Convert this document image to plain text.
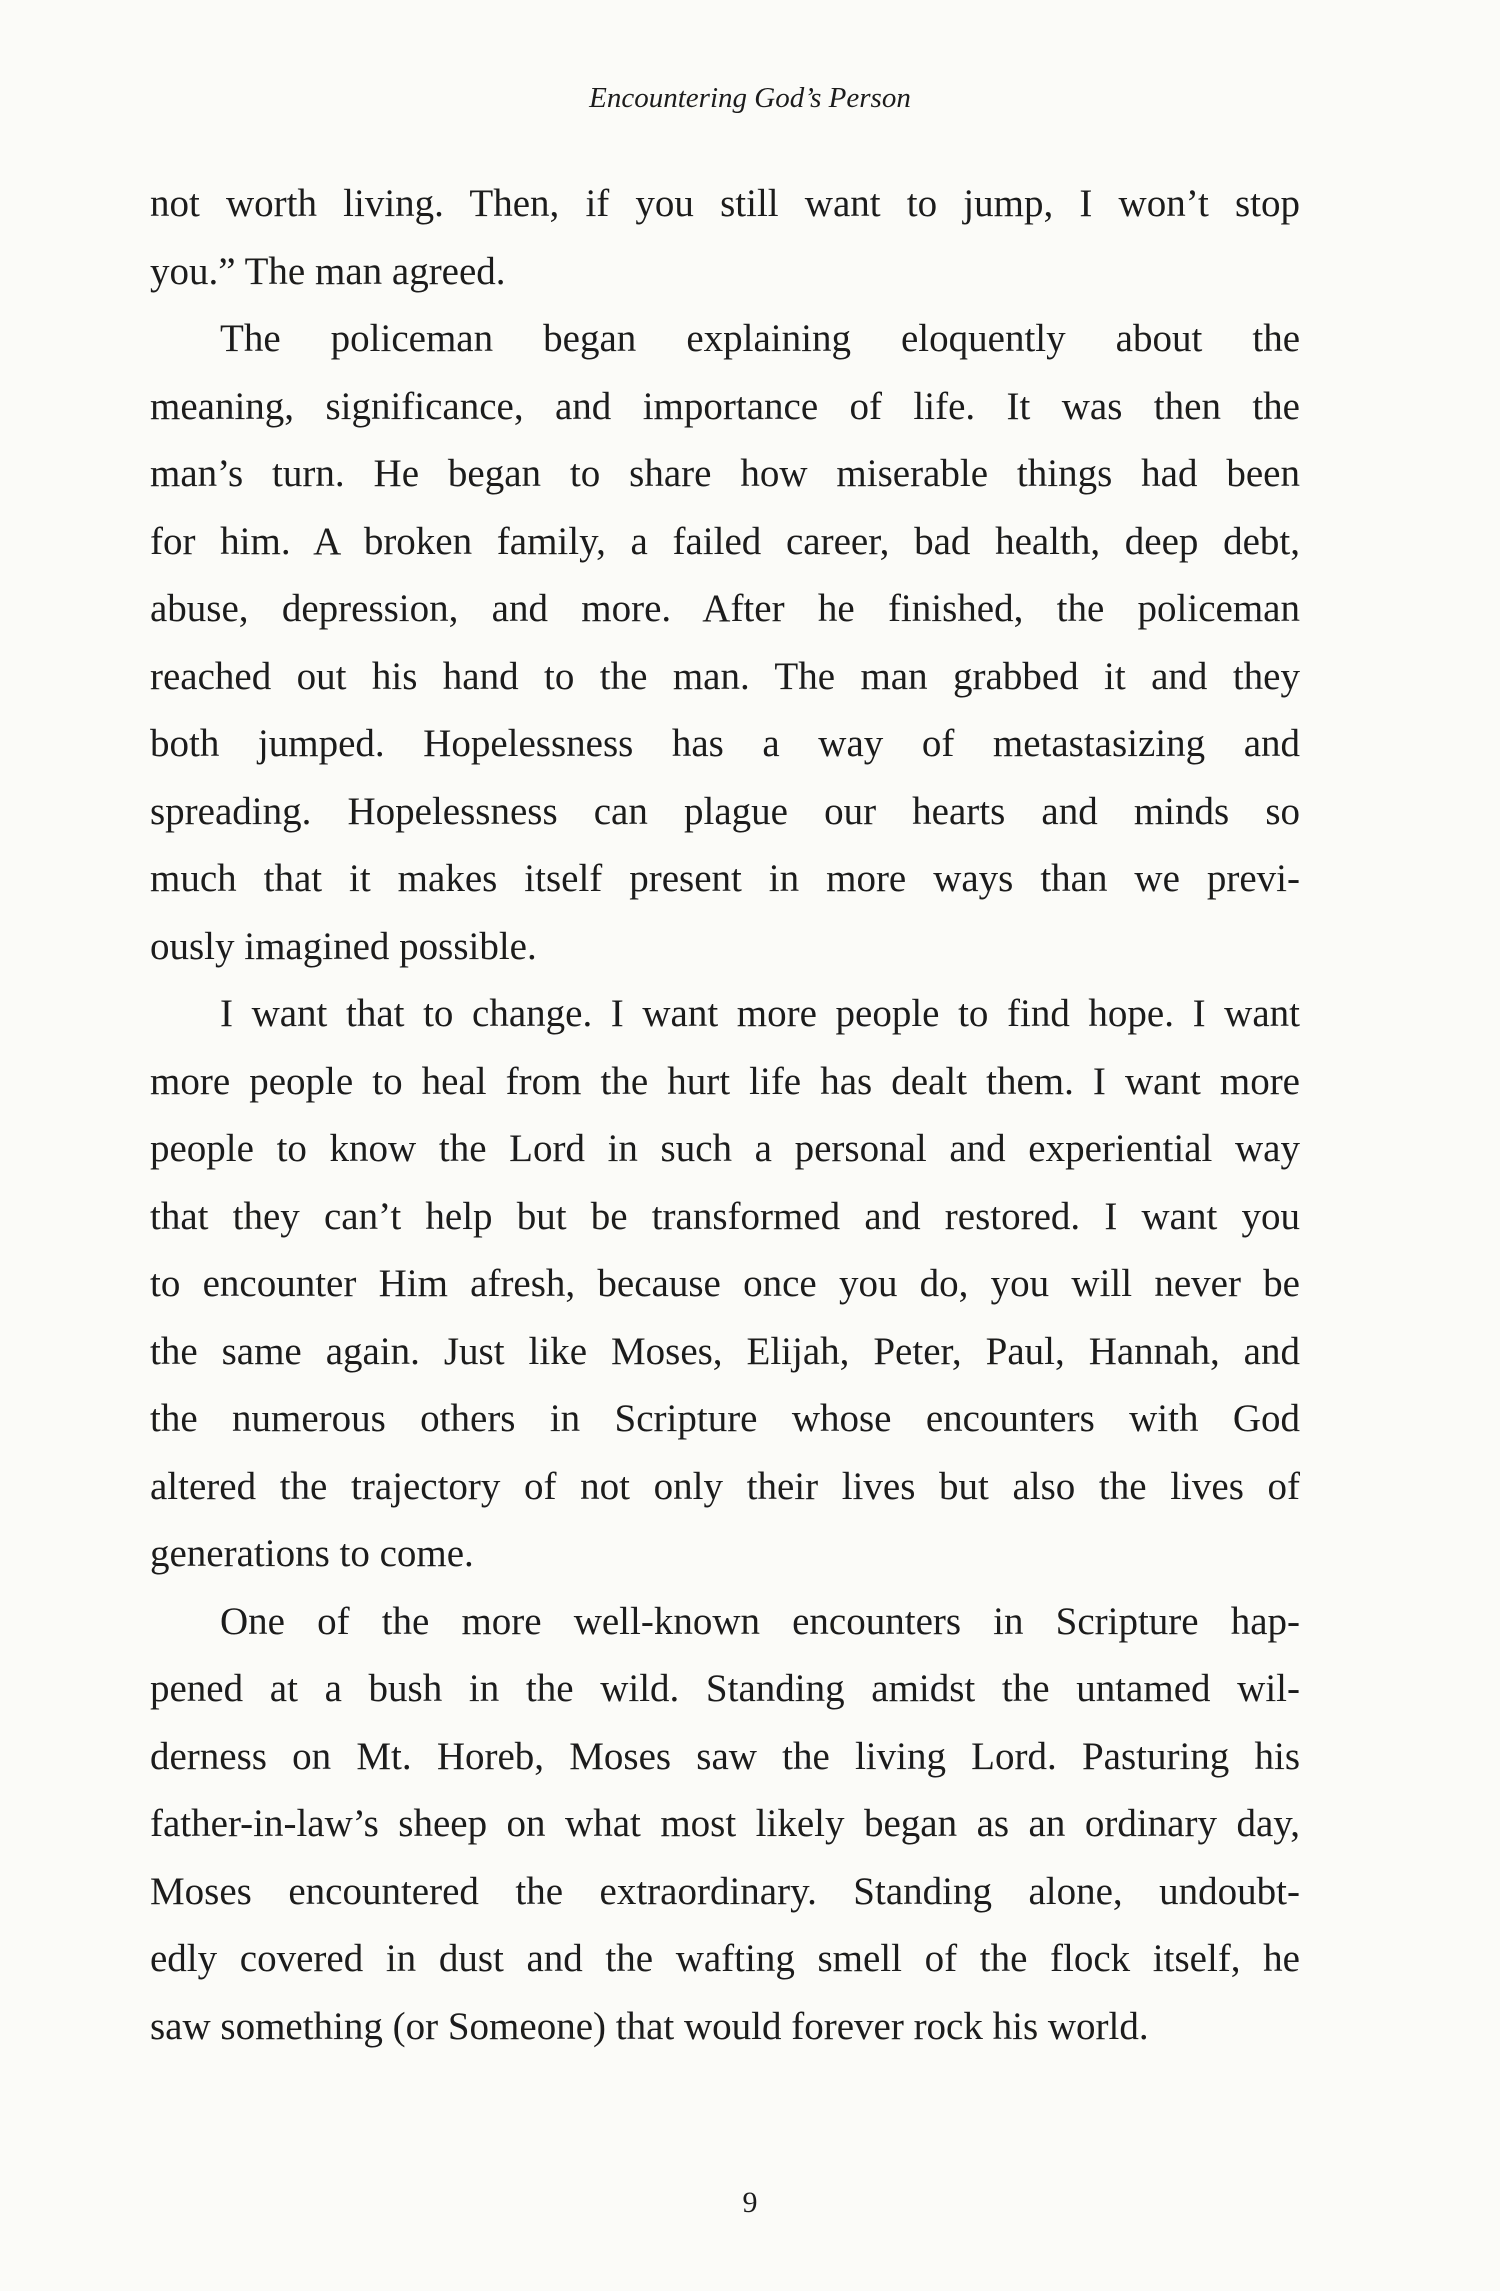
Encountering God’s Person
not worth living. Then, if you still want to jump, I won’t stop
you.” The man agreed.
The policeman began explaining eloquently about the
meaning, significance, and importance of life. It was then the
man’s turn. He began to share how miserable things had been
for him. A broken family, a failed career, bad health, deep debt,
abuse, depression, and more. After he finished, the policeman
reached out his hand to the man. The man grabbed it and they
both jumped. Hopelessness has a way of metastasizing and
spreading. Hopelessness can plague our hearts and minds so
much that it makes itself present in more ways than we previ-
ously imagined possible.
I want that to change. I want more people to find hope. I want
more people to heal from the hurt life has dealt them. I want more
people to know the Lord in such a personal and experiential way
that they can’t help but be transformed and restored. I want you
to encounter Him afresh, because once you do, you will never be
the same again. Just like Moses, Elijah, Peter, Paul, Hannah, and
the numerous others in Scripture whose encounters with God
altered the trajectory of not only their lives but also the lives of
generations to come.
One of the more well-known encounters in Scripture hap-
pened at a bush in the wild. Standing amidst the untamed wil-
derness on Mt. Horeb, Moses saw the living Lord. Pasturing his
father-in-law’s sheep on what most likely began as an ordinary day,
Moses encountered the extraordinary. Standing alone, undoubt-
edly covered in dust and the wafting smell of the flock itself, he
saw something (or Someone) that would forever rock his world.
9
